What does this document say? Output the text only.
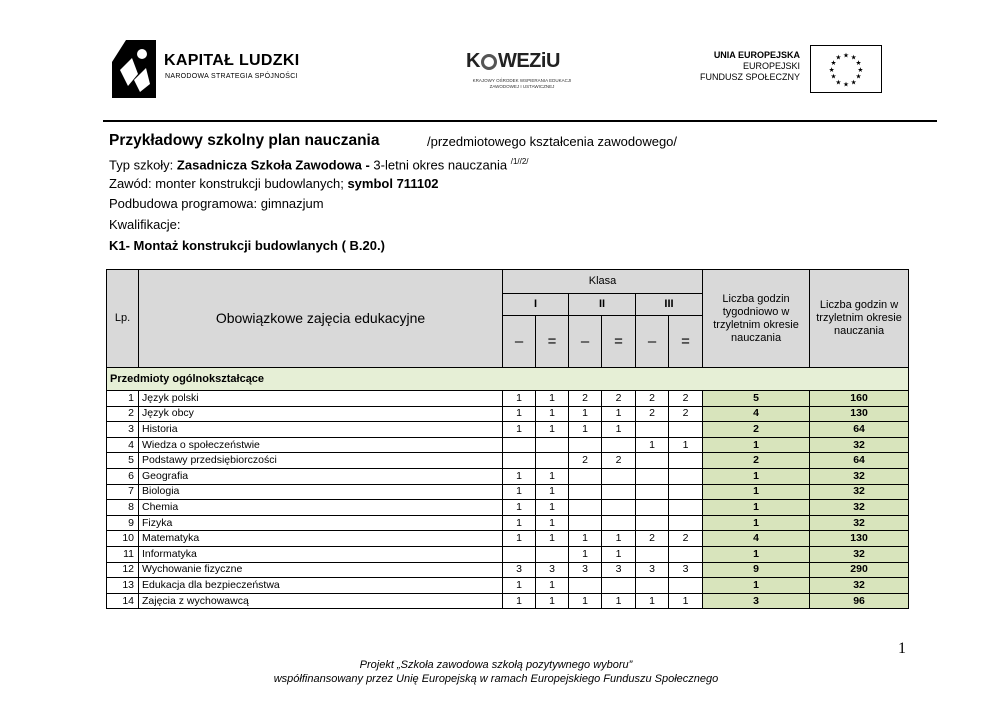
KAPITAŁ LUDZKI
NARODOWA STRATEGIA SPÓJNOŚCI
K WEZiU
KRAJOWY OŚRODEK WSPIERANIA EDUKACJI ZAWODOWEJ I USTAWICZNEJ
UNIA EUROPEJSKA
EUROPEJSKI
FUNDUSZ SPOŁECZNY
★ ★
★
★
★
★
★
★
★
★
★
★
Przykładowy szkolny plan nauczania	/przedmiotowego kształcenia zawodowego/
Typ szkoły: Zasadnicza Szkoła Zawodowa - 3-letni okres nauczania $^{/1//2/}$
Zawód: monter konstrukcji budowlanych; symbol 711102
Podbudowa programowa: gimnazjum
Kwalifikacje:
K1- Montaż konstrukcji budowlanych ( B.20.)
Lp.	Obowiązkowe zajęcia edukacyjne	Klasa						Liczba godzin tygodniowo w trzyletnim okresie nauczania	Liczba godzin w trzyletnim okresie nauczania
		I		II		III			
		–	=	–	=	–	=		
Przedmioty ogólnokształcące									
1	Język polski	1	1	2	2	2	2	5	160
2	Język obcy	1	1	1	1	2	2	4	130
3	Historia	1	1	1	1			2	64
4	Wiedza o społeczeństwie					1	1	1	32
5	Podstawy przedsiębiorczości			2	2			2	64
6	Geografia	1	1					1	32
7	Biologia	1	1					1	32
8	Chemia	1	1					1	32
9	Fizyka	1	1					1	32
10	Matematyka	1	1	1	1	2	2	4	130
11	Informatyka			1	1			1	32
12	Wychowanie fizyczne	3	3	3	3	3	3	9	290
13	Edukacja dla bezpieczeństwa	1	1					1	32
14	Zajęcia z wychowawcą	1	1	1	1	1	1	3	96
1
Projekt „Szkoła zawodowa szkołą pozytywnego wyboru”
współfinansowany przez Unię Europejską w ramach Europejskiego Funduszu Społecznego
